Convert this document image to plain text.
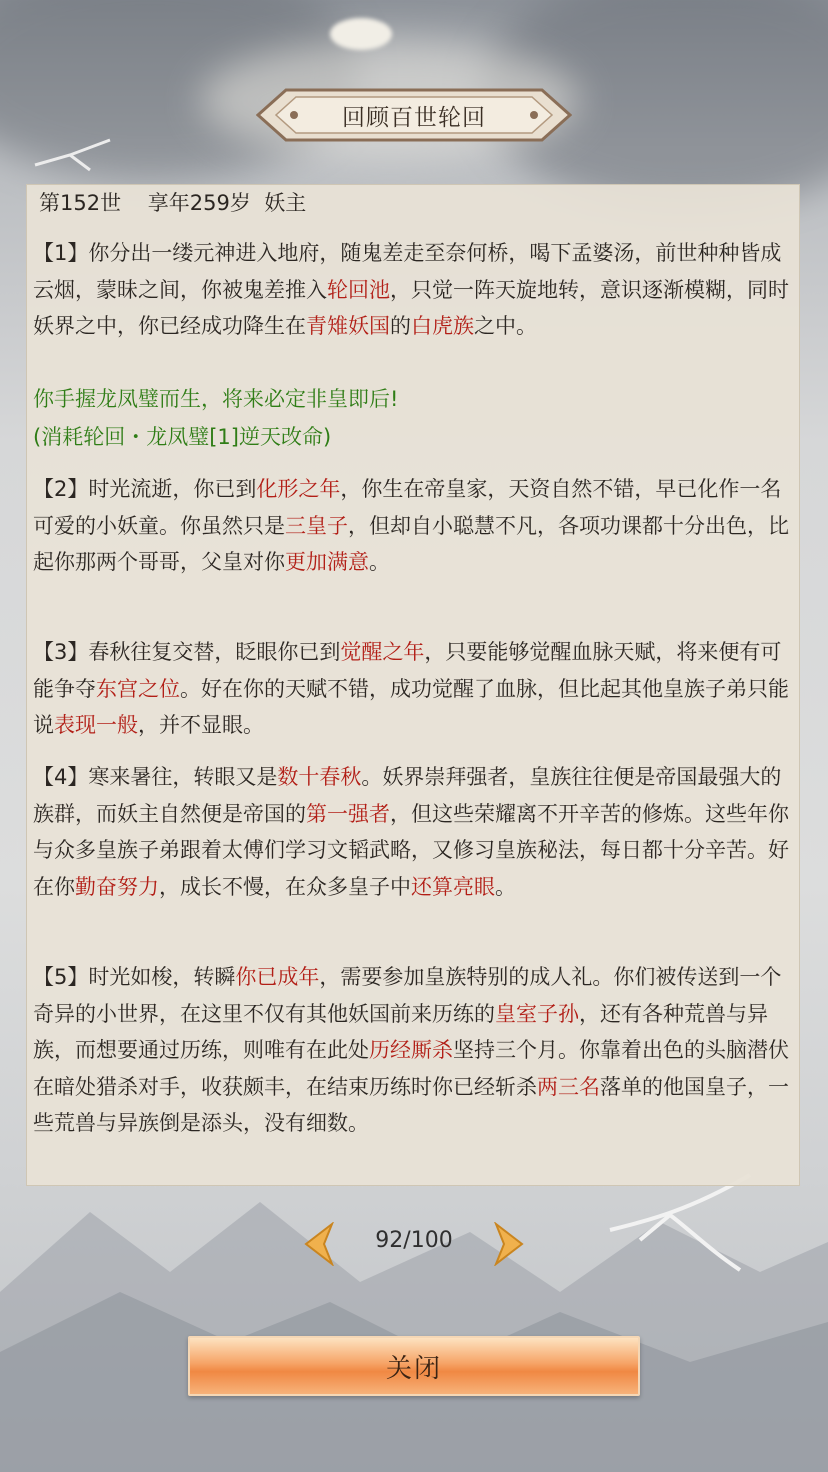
回顾百世轮回
第152世 享年259岁 妖主

【1】你分出一缕元神进入地府，随鬼差走至奈何桥，喝下孟婆汤，前世种种皆成云烟，蒙昧之间，你被鬼差推入轮回池，只觉一阵天旋地转，意识逐渐模糊，同时妖界之中，你已经成功降生在青雉妖国的白虎族之中。

你手握龙凤璧而生，将来必定非皇即后!
(消耗轮回・龙凤璧[1]逆天改命)

【2】时光流逝，你已到化形之年，你生在帝皇家，天资自然不错，早已化作一名可爱的小妖童。你虽然只是三皇子，但却自小聪慧不凡，各项功课都十分出色，比起你那两个哥哥，父皇对你更加满意。

【3】春秋往复交替，眨眼你已到觉醒之年，只要能够觉醒血脉天赋，将来便有可能争夺东宫之位。好在你的天赋不错，成功觉醒了血脉，但比起其他皇族子弟只能说表现一般，并不显眼。

【4】寒来暑往，转眼又是数十春秋。妖界崇拜强者，皇族往往便是帝国最强大的族群，而妖主自然便是帝国的第一强者，但这些荣耀离不开辛苦的修炼。这些年你与众多皇族子弟跟着太傅们学习文韬武略，又修习皇族秘法，每日都十分辛苦。好在你勤奋努力，成长不慢，在众多皇子中还算亮眼。

【5】时光如梭，转瞬你已成年，需要参加皇族特别的成人礼。你们被传送到一个奇异的小世界，在这里不仅有其他妖国前来历练的皇室子孙，还有各种荒兽与异族，而想要通过历练，则唯有在此处历经厮杀坚持三个月。你靠着出色的头脑潜伏在暗处猎杀对手，收获颇丰，在结束历练时你已经斩杀两三名落单的他国皇子，一些荒兽与异族倒是添头，没有细数。

92/100
关闭
